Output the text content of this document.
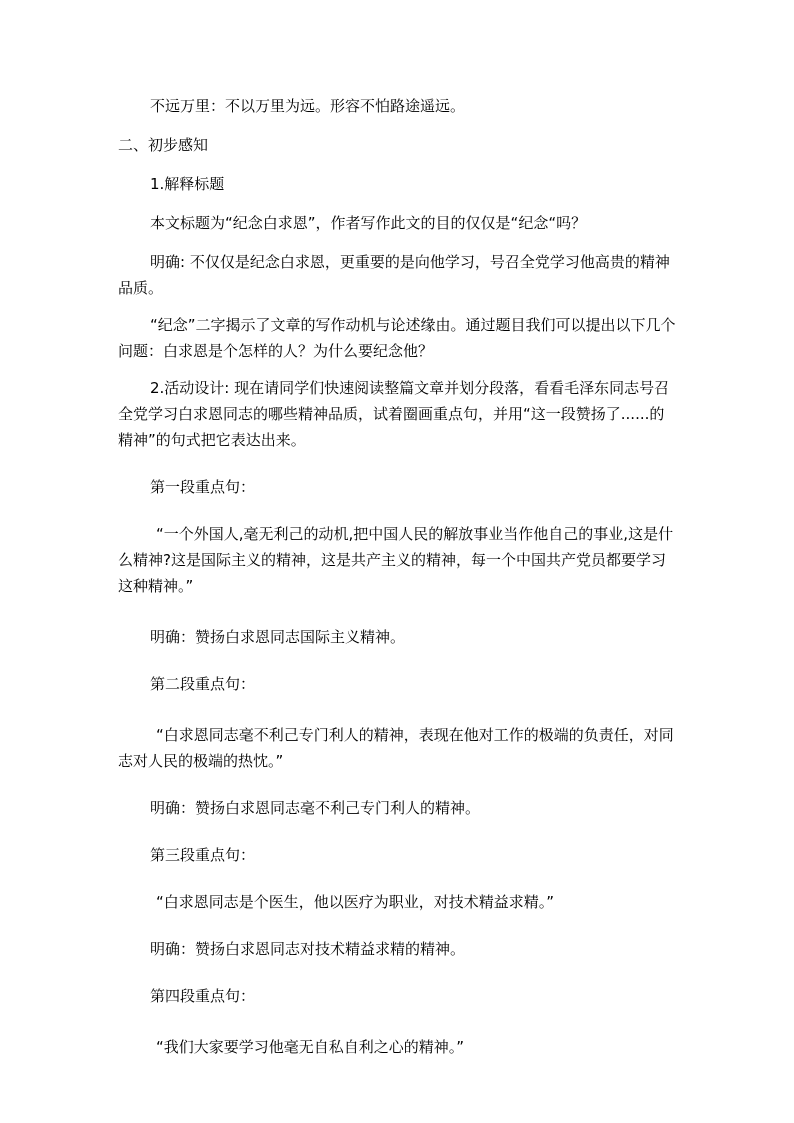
不远万里：不以万里为远。形容不怕路途遥远。

二、初步感知

1.解释标题

本文标题为“纪念白求恩”，作者写作此文的目的仅仅是“纪念“吗？

明确: 不仅仅是纪念白求恩，更重要的是向他学习，号召全党学习他高贵的精神品质。

“纪念”二字揭示了文章的写作动机与论述缘由。通过题目我们可以提出以下几个问题：白求恩是个怎样的人？为什么要纪念他？

2.活动设计: 现在请同学们快速阅读整篇文章并划分段落，看看毛泽东同志号召全党学习白求恩同志的哪些精神品质，试着圈画重点句，并用“这一段赞扬了......的精神”的句式把它表达出来。

第一段重点句：

“一个外国人,毫无利己的动机,把中国人民的解放事业当作他自己的事业,这是什么精神?这是国际主义的精神，这是共产主义的精神，每一个中国共产党员都要学习这种精神。”

明确：赞扬白求恩同志国际主义精神。

第二段重点句：

“白求恩同志毫不利己专门利人的精神，表现在他对工作的极端的负责任，对同志对人民的极端的热忱。”

明确：赞扬白求恩同志毫不利己专门利人的精神。

第三段重点句：

“白求恩同志是个医生，他以医疗为职业，对技术精益求精。”

明确：赞扬白求恩同志对技术精益求精的精神。

第四段重点句：

“我们大家要学习他毫无自私自利之心的精神。”
